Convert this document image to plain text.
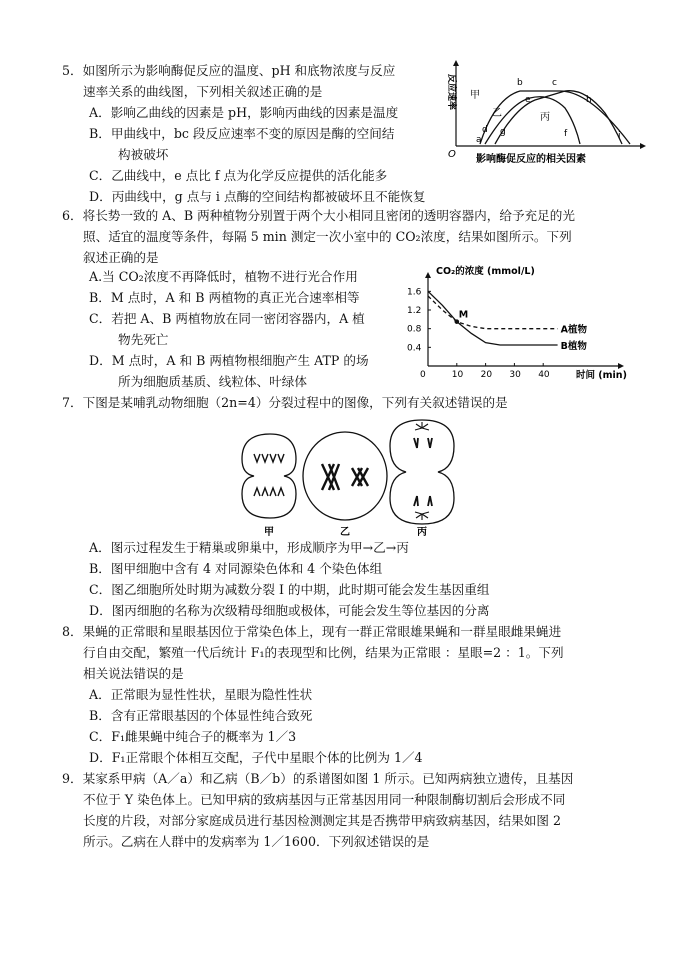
5．如图所示为影响酶促反应的温度、pH 和底物浓度与反应
速率关系的曲线图，下列相关叙述正确的是
A．影响乙曲线的因素是 pH，影响丙曲线的因素是温度
B．甲曲线中，bc 段反应速率不变的原因是酶的空间结
构被破坏
C．乙曲线中，e 点比 f 点为化学反应提供的活化能多
D．丙曲线中，g 点与 i 点酶的空间结构都被破坏且不能恢复
反应速率
影响酶促反应的相关因素
O
甲
乙	丙
a
b	c
d
e
f
g
h
i
6．将长势一致的 A、B 两种植物分别置于两个大小相同且密闭的透明容器内，给予充足的光
照、适宜的温度等条件，每隔 5 min 测定一次小室中的 CO₂浓度，结果如图所示。下列
叙述正确的是
A.当 CO₂浓度不再降低时，植物不进行光合作用
B．M 点时，A 和 B 两植物的真正光合速率相等
C．若把 A、B 两植物放在同一密闭容器内，A 植
物先死亡
D．M 点时，A 和 B 两植物根细胞产生 ATP 的场
所为细胞质基质、线粒体、叶绿体
CO₂的浓度 (mmol/L)
时间 (min)
0	10 20 30 40
0.4
0.8
1.2
1.6
A植物
B植物
M
7．下图是某哺乳动物细胞（2n=4）分裂过程中的图像，下列有关叙述错误的是
甲	乙	丙
A．图示过程发生于精巢或卵巢中，形成顺序为甲→乙→丙
B．图甲细胞中含有 4 对同源染色体和 4 个染色体组
C．图乙细胞所处时期为减数分裂 I 的中期，此时期可能会发生基因重组
D．图丙细胞的名称为次级精母细胞或极体，可能会发生等位基因的分离
8．果蝇的正常眼和星眼基因位于常染色体上，现有一群正常眼雄果蝇和一群星眼雌果蝇进
行自由交配，繁殖一代后统计 F₁的表现型和比例，结果为正常眼 ：星眼=2 ：1。下列
相关说法错误的是
A．正常眼为显性性状，星眼为隐性性状
B．含有正常眼基因的个体显性纯合致死
C．F₁雌果蝇中纯合子的概率为 1／3
D．F₁正常眼个体相互交配，子代中星眼个体的比例为 1／4
9．某家系甲病（A／a）和乙病（B／b）的系谱图如图 1 所示。已知两病独立遗传，且基因
不位于 Y 染色体上。已知甲病的致病基因与正常基因用同一种限制酶切割后会形成不同
长度的片段，对部分家庭成员进行基因检测测定其是否携带甲病致病基因，结果如图 2
所示。乙病在人群中的发病率为 1／1600．下列叙述错误的是
